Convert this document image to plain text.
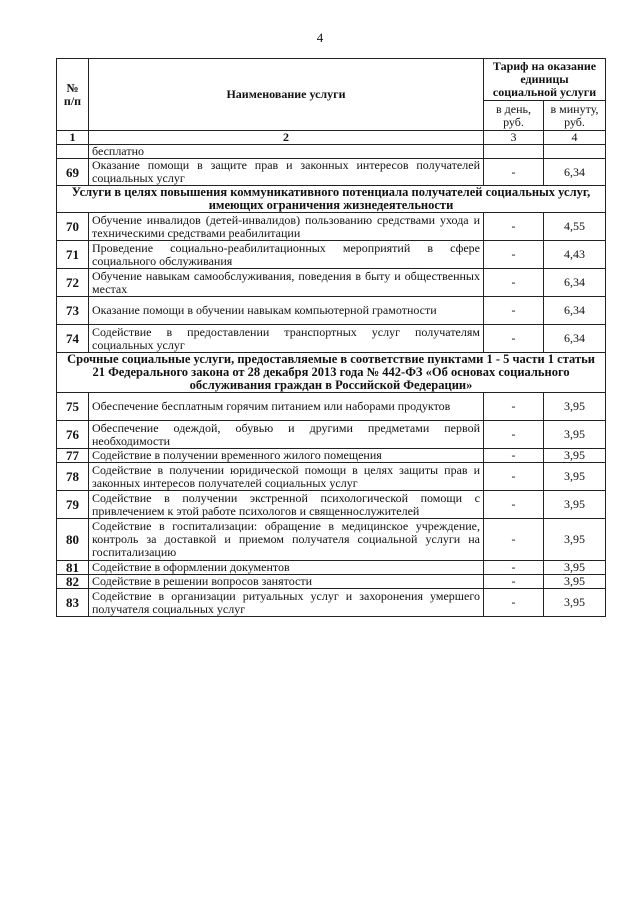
4
№ п/п	Наименование услуги	Тариф на оказание единицы социальной услуги	
		в день, руб.	в минуту, руб.
1	2	3	4
	бесплатно		
69	Оказание помощи в защите прав и законных интересов получателей социальных услуг	-	6,34
Услуги в целях повышения коммуникативного потенциала получателей социальных услуг, имеющих ограничения жизнедеятельности			
70	Обучение инвалидов (детей-инвалидов) пользованию средствами ухода и техническими средствами реабилитации	-	4,55
71	Проведение социально-реабилитационных мероприятий в сфере социального обслуживания	-	4,43
72	Обучение навыкам самообслуживания, поведения в быту и общественных местах	-	6,34
73	Оказание помощи в обучении навыкам компьютерной грамотности	-	6,34
74	Содействие в предоставлении транспортных услуг получателям социальных услуг	-	6,34
Срочные социальные услуги, предоставляемые в соответствие пунктами 1 - 5 части 1 статьи 21 Федерального закона от 28 декабря 2013 года № 442-ФЗ «Об основах социального обслуживания граждан в Российской Федерации»			
75	Обеспечение бесплатным горячим питанием или наборами продуктов	-	3,95
76	Обеспечение одеждой, обувью и другими предметами первой необходимости	-	3,95
77	Содействие в получении временного жилого помещения	-	3,95
78	Содействие в получении юридической помощи в целях защиты прав и законных интересов получателей социальных услуг	-	3,95
79	Содействие в получении экстренной психологической помощи с привлечением к этой работе психологов и священнослужителей	-	3,95
80	Содействие в госпитализации: обращение в медицинское учреждение, контроль за доставкой и приемом получателя социальной услуги на госпитализацию	-	3,95
81	Содействие в оформлении документов	-	3,95
82	Содействие в решении вопросов занятости	-	3,95
83	Содействие в организации ритуальных услуг и захоронения умершего получателя социальных услуг	-	3,95
